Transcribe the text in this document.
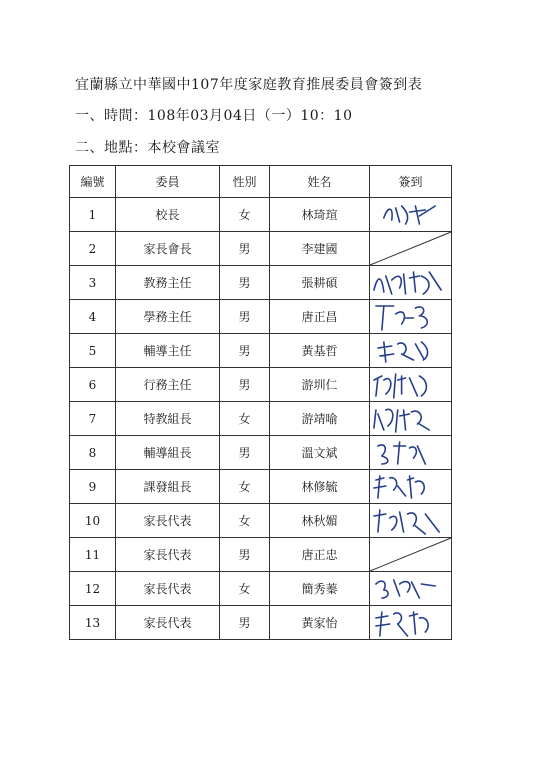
宜蘭縣立中華國中107年度家庭教育推展委員會簽到表
一、時間：108年03月04日（一）10：10
二、地點：本校會議室
編號	委員	性別	姓名	簽到
1	校長	女	林琦瑄	

2	家長會長	男	李建國	

3	教務主任	男	張耕碩	

4	學務主任	男	唐正昌	

5	輔導主任	男	黃基哲	

6	行務主任	男	游圳仁	

7	特教組長	女	游靖喻	

8	輔導組長	男	溫文斌	

9	課發組長	女	林修毓	

10	家長代表	女	林秋媚	

11	家長代表	男	唐正忠	

12	家長代表	女	簡秀蓁	

13	家長代表	男	黃家怡	
